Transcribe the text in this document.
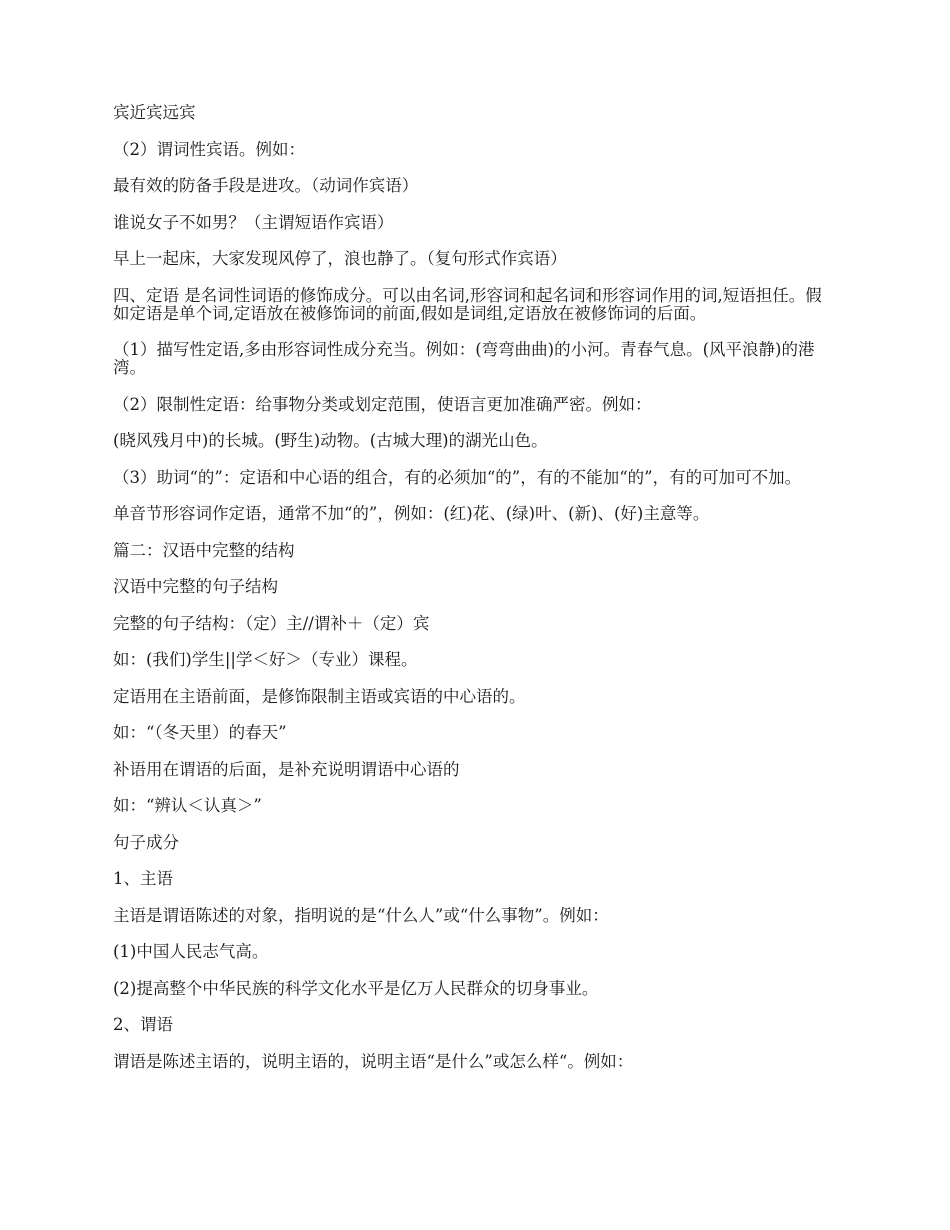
宾近宾远宾

（2）谓词性宾语。例如：

最有效的防备手段是进攻。（动词作宾语）

谁说女子不如男？（主谓短语作宾语）

早上一起床，大家发现风停了，浪也静了。（复句形式作宾语）

四、定语 是名词性词语的修饰成分。可以由名词,形容词和起名词和形容词作用的词,短语担任。假如定语是单个词,定语放在被修饰词的前面,假如是词组,定语放在被修饰词的后面。

（1）描写性定语,多由形容词性成分充当。例如：(弯弯曲曲)的小河。青春气息。(风平浪静)的港湾。

（2）限制性定语：给事物分类或划定范围，使语言更加准确严密。例如：

(晓风残月中)的长城。(野生)动物。(古城大理)的湖光山色。

（3）助词“的”：定语和中心语的组合，有的必须加“的”，有的不能加“的”，有的可加可不加。

单音节形容词作定语，通常不加“的”，例如：(红)花、(绿)叶、(新)、(好)主意等。

篇二：汉语中完整的结构

汉语中完整的句子结构

完整的句子结构：（定）主//谓补＋（定）宾

如：(我们)学生||学＜好＞（专业）课程。

定语用在主语前面，是修饰限制主语或宾语的中心语的。

如：“（冬天里）的春天”

补语用在谓语的后面，是补充说明谓语中心语的

如：“辨认＜认真＞”

句子成分

1、主语

主语是谓语陈述的对象，指明说的是“什么人”或“什么事物”。例如：

(1)中国人民志气高。

(2)提高整个中华民族的科学文化水平是亿万人民群众的切身事业。

2、谓语

谓语是陈述主语的，说明主语的，说明主语“是什么”或怎么样“。例如：
